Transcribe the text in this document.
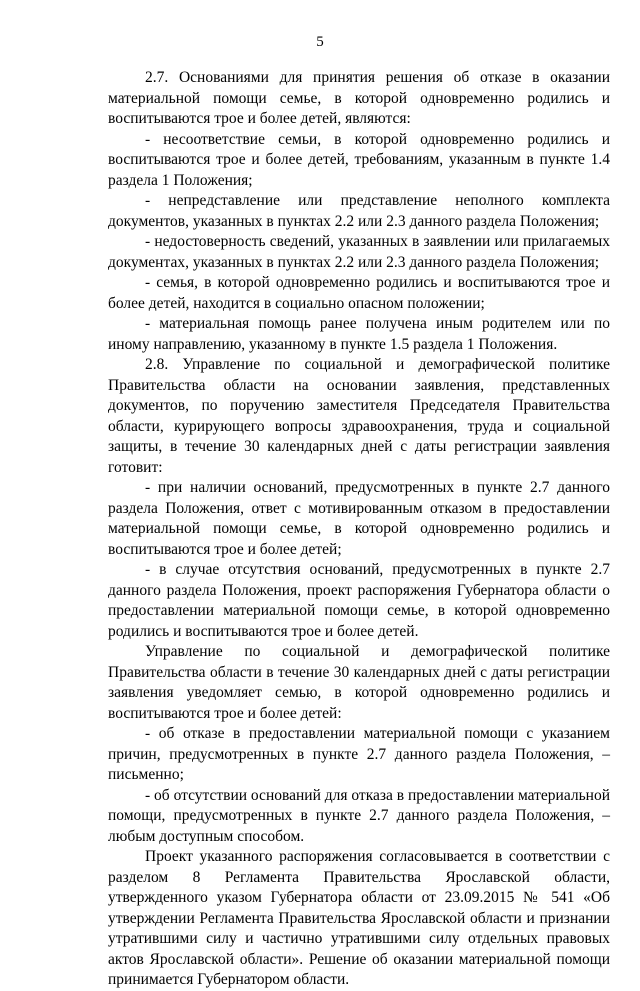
5

2.7. Основаниями для принятия решения об отказе в оказании материальной помощи семье, в которой одновременно родились и воспитываются трое и более детей, являются:

- несоответствие семьи, в которой одновременно родились и воспитываются трое и более детей, требованиям, указанным в пункте 1.4 раздела 1 Положения;

- непредставление или представление неполного комплекта документов, указанных в пунктах 2.2 или 2.3 данного раздела Положения;

- недостоверность сведений, указанных в заявлении или прилагаемых документах, указанных в пунктах 2.2 или 2.3 данного раздела Положения;

- семья, в которой одновременно родились и воспитываются трое и более детей, находится в социально опасном положении;

- материальная помощь ранее получена иным родителем или по иному направлению, указанному в пункте 1.5 раздела 1 Положения.

2.8. Управление по социальной и демографической политике Правительства области на основании заявления, представленных документов, по поручению заместителя Председателя Правительства области, курирующего вопросы здравоохранения, труда и социальной защиты, в течение 30 календарных дней с даты регистрации заявления готовит:

- при наличии оснований, предусмотренных в пункте 2.7 данного раздела Положения, ответ с мотивированным отказом в предоставлении материальной помощи семье, в которой одновременно родились и воспитываются трое и более детей;

- в случае отсутствия оснований, предусмотренных в пункте 2.7 данного раздела Положения, проект распоряжения Губернатора области о предоставлении материальной помощи семье, в которой одновременно родились и воспитываются трое и более детей.

Управление по социальной и демографической политике Правительства области в течение 30 календарных дней с даты регистрации заявления уведомляет семью, в которой одновременно родились и воспитываются трое и более детей:

- об отказе в предоставлении материальной помощи с указанием причин, предусмотренных в пункте 2.7 данного раздела Положения, – письменно;

- об отсутствии оснований для отказа в предоставлении материальной помощи, предусмотренных в пункте 2.7 данного раздела Положения, – любым доступным способом.

Проект указанного распоряжения согласовывается в соответствии с разделом 8 Регламента Правительства Ярославской области, утвержденного указом Губернатора области от 23.09.2015 № 541 «Об утверждении Регламента Правительства Ярославской области и признании утратившими силу и частично утратившими силу отдельных правовых актов Ярославской области». Решение об оказании материальной помощи принимается Губернатором области.
